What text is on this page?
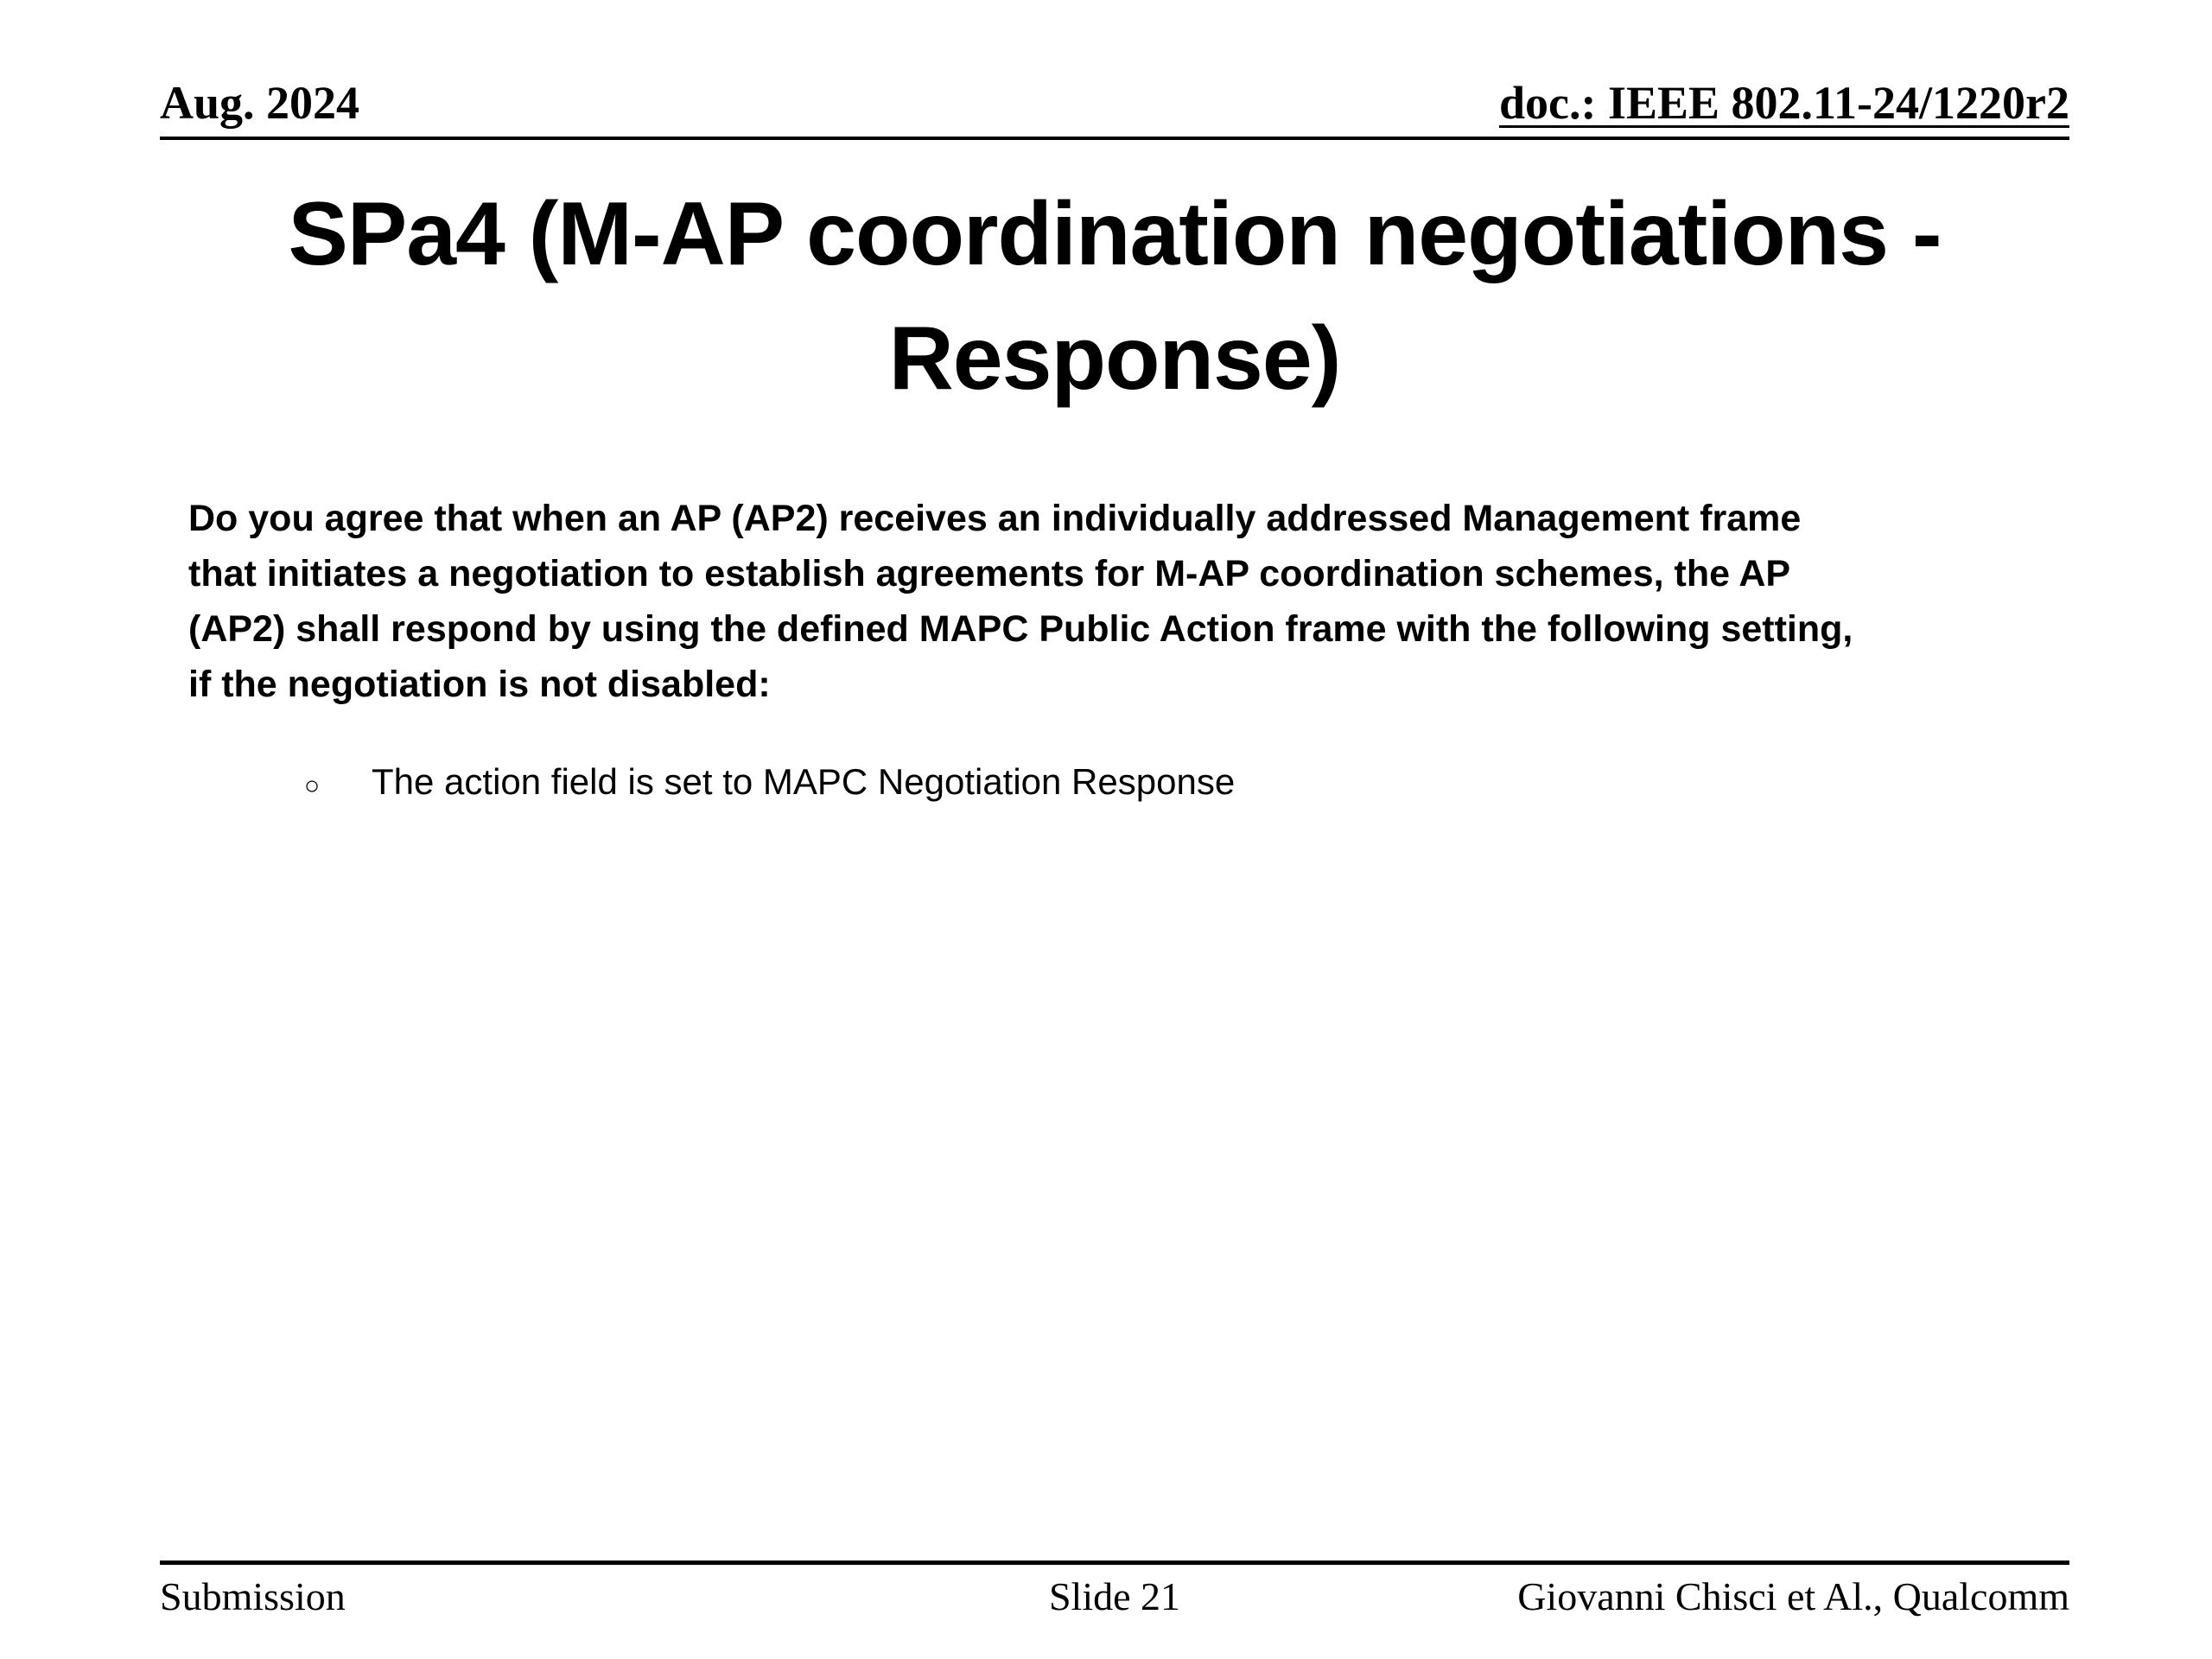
Aug. 2024	doc.: IEEE 802.11-24/1220r2
SPa4 (M-AP coordination negotiations -
Response)

Do you agree that when an AP (AP2) receives an individually addressed Management frame
that initiates a negotiation to establish agreements for M-AP coordination schemes, the AP
(AP2) shall respond by using the defined MAPC Public Action frame with the following setting,
if the negotiation is not disabled:

○	The action field is set to MAPC Negotiation Response
Submission	Slide 21	Giovanni Chisci et Al., Qualcomm
